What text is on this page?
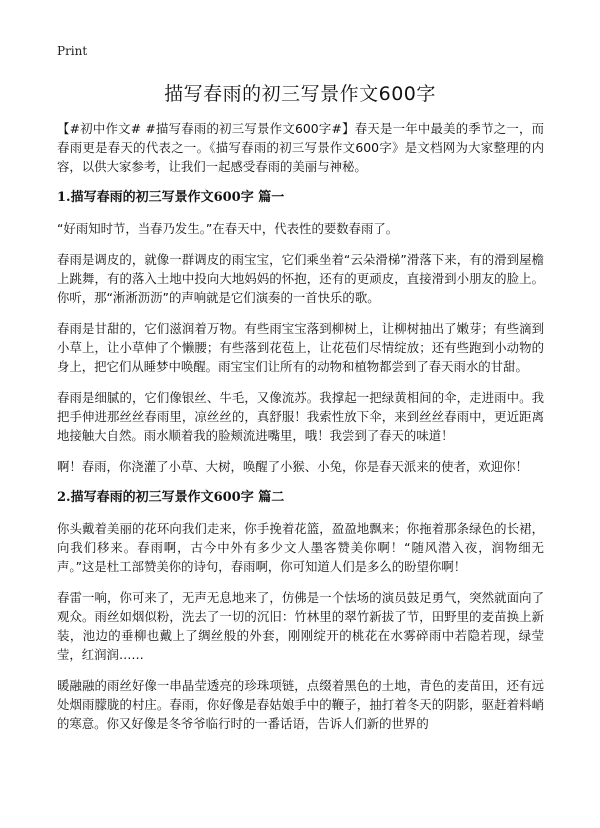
Print
描写春雨的初三写景作文600字

【#初中作文# #描写春雨的初三写景作文600字#】春天是一年中最美的季节之一，而春雨更是春天的代表之一。《描写春雨的初三写景作文600字》是文档网为大家整理的内容，以供大家参考，让我们一起感受春雨的美丽与神秘。

1.描写春雨的初三写景作文600字 篇一

“好雨知时节，当春乃发生。”在春天中，代表性的要数春雨了。

春雨是调皮的，就像一群调皮的雨宝宝，它们乘坐着“云朵滑梯”滑落下来，有的滑到屋檐上跳舞，有的落入土地中投向大地妈妈的怀抱，还有的更顽皮，直接滑到小朋友的脸上。你听，那“淅淅沥沥”的声响就是它们演奏的一首快乐的歌。

春雨是甘甜的，它们滋润着万物。有些雨宝宝落到柳树上，让柳树抽出了嫩芽；有些滴到小草上，让小草伸了个懒腰；有些落到花苞上，让花苞们尽情绽放；还有些跑到小动物的身上，把它们从睡梦中唤醒。雨宝宝们让所有的动物和植物都尝到了春天雨水的甘甜。

春雨是细腻的，它们像银丝、牛毛，又像流苏。我撑起一把绿黄相间的伞，走进雨中。我把手伸进那丝丝春雨里，凉丝丝的，真舒服！我索性放下伞，来到丝丝春雨中，更近距离地接触大自然。雨水顺着我的脸颊流进嘴里，哦！我尝到了春天的味道！

啊！春雨，你浇灌了小草、大树，唤醒了小猴、小兔，你是春天派来的使者，欢迎你！

2.描写春雨的初三写景作文600字 篇二

你头戴着美丽的花环向我们走来，你手挽着花篮，盈盈地飘来；你拖着那条绿色的长裙，向我们移来。春雨啊，古今中外有多少文人墨客赞美你啊！“随风潜入夜，润物细无声。”这是杜工部赞美你的诗句，春雨啊，你可知道人们是多么的盼望你啊！

春雷一响，你可来了，无声无息地来了，仿佛是一个怯场的演员鼓足勇气，突然就面向了观众。雨丝如烟似粉，洗去了一切的沉旧：竹林里的翠竹新拔了节，田野里的麦苗换上新装，池边的垂柳也戴上了绸丝般的外套，刚刚绽开的桃花在水雾碎雨中若隐若现，绿莹莹，红润润……

暖融融的雨丝好像一串晶莹透亮的珍珠项链，点缀着黑色的土地，青色的麦苗田，还有远处烟雨朦胧的村庄。春雨，你好像是春姑娘手中的鞭子，抽打着冬天的阴影，驱赶着料峭的寒意。你又好像是冬爷爷临行时的一番话语，告诉人们新的世界的
